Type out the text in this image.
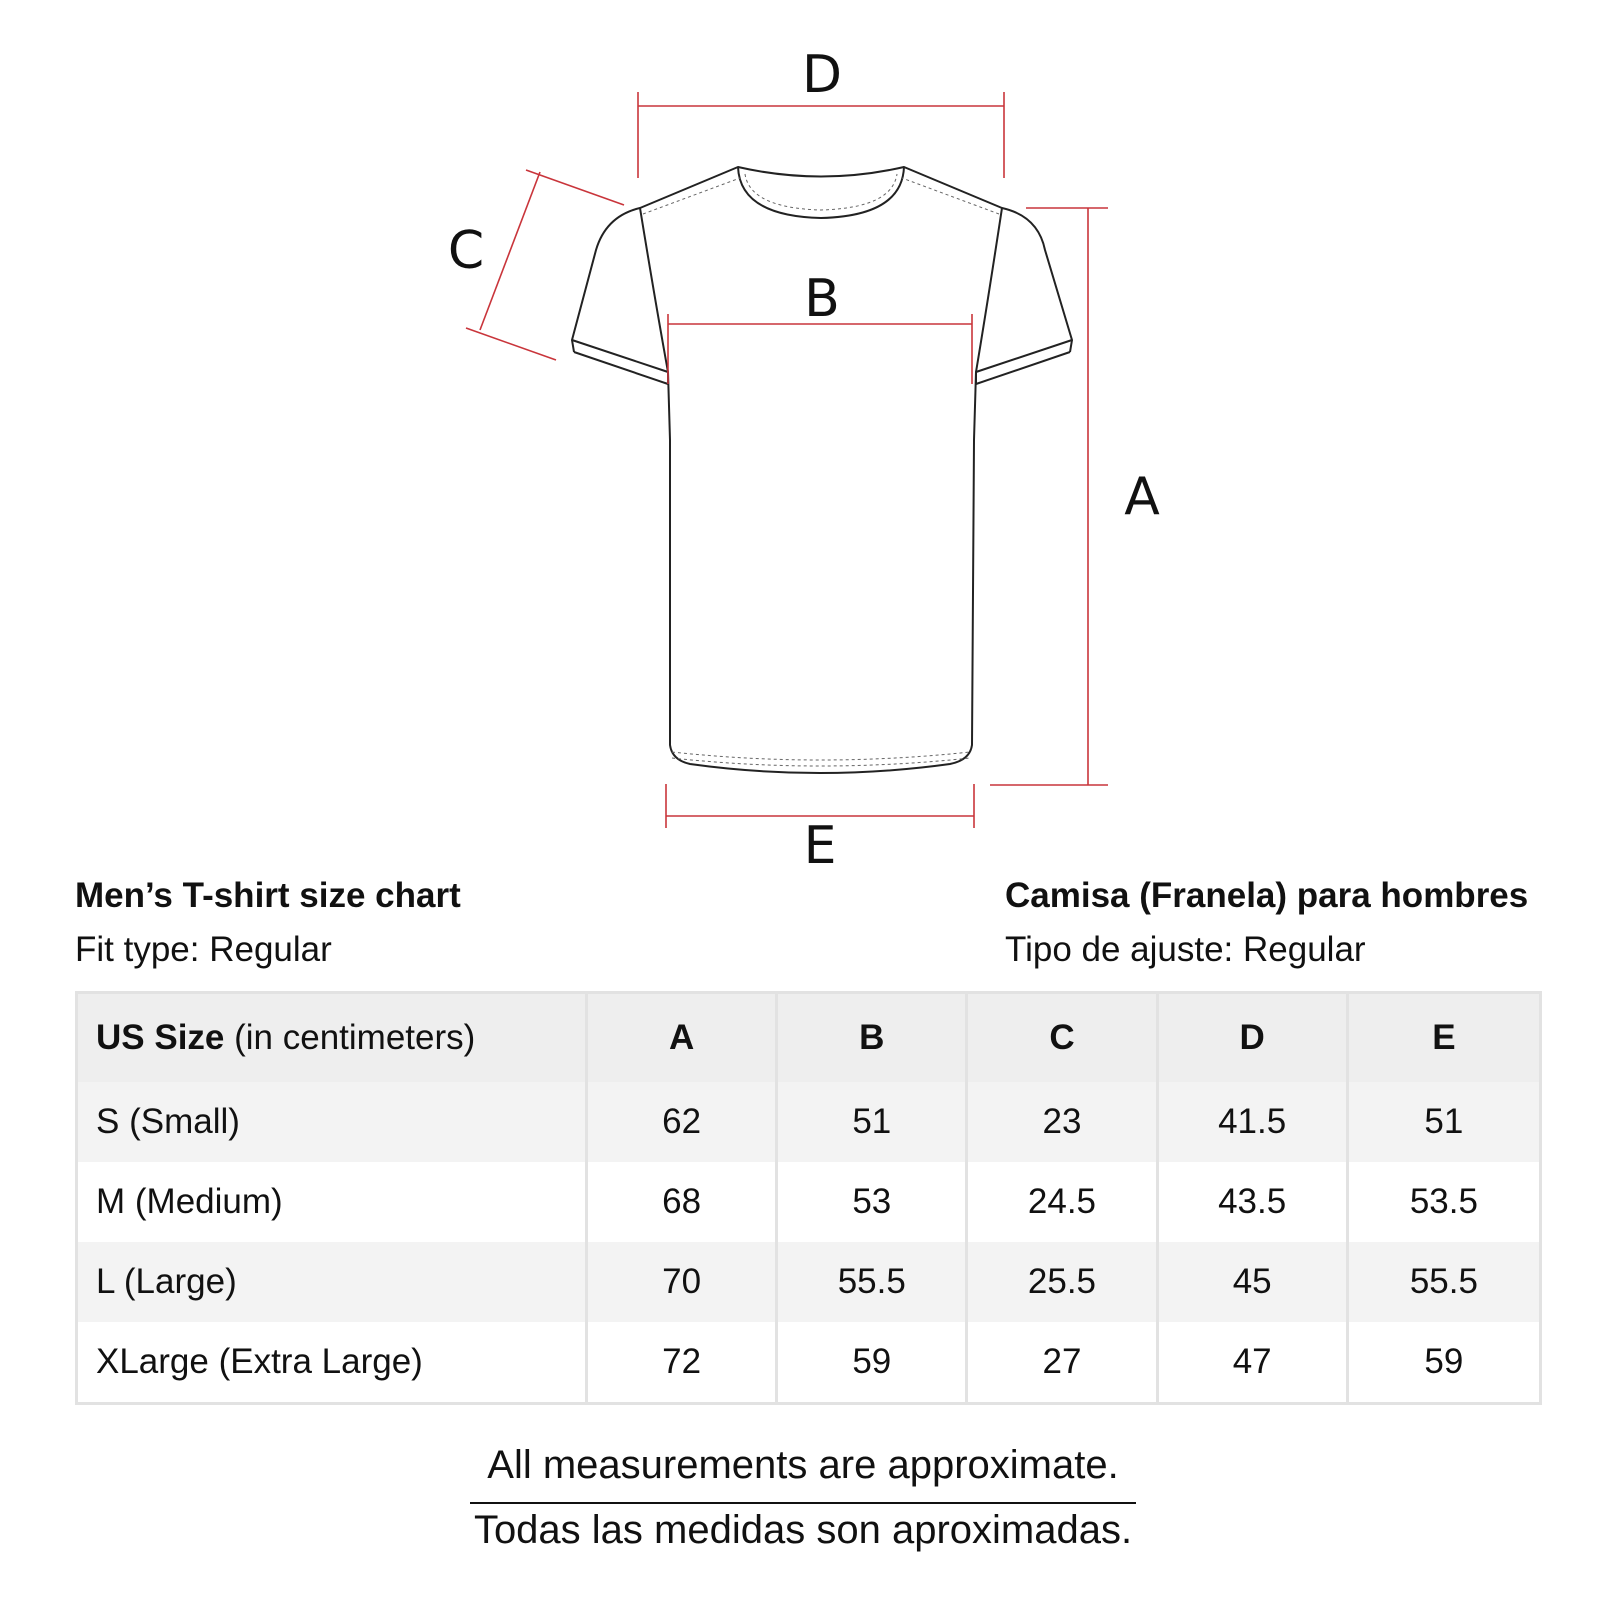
D
C
B
A
E
Men’s T-shirt size chart
Fit type: Regular
Camisa (Franela) para hombres
Tipo de ajuste: Regular
US Size (in centimeters)	A	B	C	D	E
S (Small)	62	51	23	41.5	51
M (Medium)	68	53	24.5	43.5	53.5
L (Large)	70	55.5	25.5	45	55.5
XLarge (Extra Large)	72	59	27	47	59
All measurements are approximate.
Todas las medidas son aproximadas.
